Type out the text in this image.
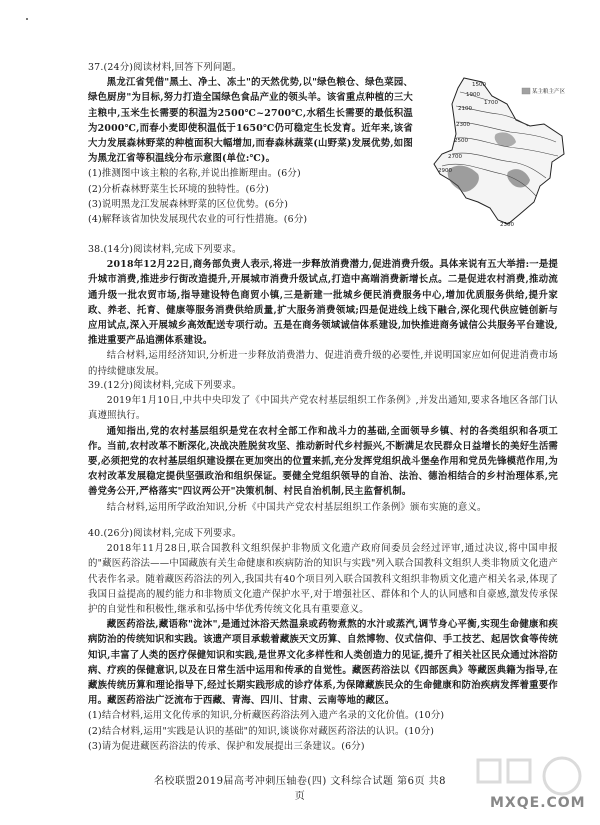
37.(24分)阅读材料,回答下列问题。

黑龙江省凭借"黑土、净土、冻土"的天然优势,以"绿色粮仓、绿色菜园、绿色厨房"为目标,努力打造全国绿色食品产业的领头羊。该省重点种植的三大主粮中,玉米生长需要的积温为2500℃~2700℃,水稻生长需要的最低积温为2000℃,而春小麦即使积温低于1650℃仍可稳定生长发育。近年来,该省大力发展森林野菜的种植面积大幅增加,而春森林蔬菜(山野菜)发展优势,如图为黑龙江省等积温线分布示意图(单位:℃)。

(1)推测图中该主粮的名称,并说出推断理由。(6分)

(2)分析森林野菜生长环境的独特性。(6分)

(3)说明黑龙江发展森林野菜的区位优势。(6分)

(4)解释该省加快发展现代农业的可行性措施。(6分)

某主粮主产区
2900
2700
2500
2300
2100
1900
1700
1500
2300

38.(14分)阅读材料,完成下列要求。

2018年12月22日,商务部负责人表示,将进一步释放消费潜力,促进消费升级。具体来说有五大举措:一是提升城市消费,推进步行街改造提升,开展城市消费升级试点,打造中高端消费新增长点。二是促进农村消费,推动流通升级一批农贸市场,指导建设特色商贸小镇,三是新建一批城乡便民消费服务中心,增加优质服务供给,提升家政、养老、托育、健康等服务消费供给质量,扩大服务消费领域;四是促进线上线下融合,深化现代供应链创新与应用试点,深入开展城乡高效配送专项行动。五是在商务领域诚信体系建设,加快推进商务诚信公共服务平台建设,推进重要产品追溯体系建设。

结合材料,运用经济知识,分析进一步释放消费潜力、促进消费升级的必要性,并说明国家应如何促进消费市场的持续健康发展。

39.(12分)阅读材料,完成下列要求。

2019年1月10日,中共中央印发了《中国共产党农村基层组织工作条例》,并发出通知,要求各地区各部门认真遵照执行。

通知指出,党的农村基层组织是党在农村全部工作和战斗力的基础,全面领导乡镇、村的各类组织和各项工作。当前,农村改革不断深化,决战决胜脱贫攻坚、推动新时代乡村振兴,不断满足农民群众日益增长的美好生活需要,必须把党的农村基层组织建设摆在更加突出的位置来抓,充分发挥党组织战斗堡垒作用和党员先锋模范作用,为农村改革发展稳定提供坚强政治和组织保证。要健全党组织领导的自治、法治、德治相结合的乡村治理体系,完善党务公开,严格落实"四议两公开"决策机制、村民自治机制,民主监督机制。

结合材料,运用所学政治知识,分析《中国共产党农村基层组织工作条例》颁布实施的意义。

40.(26分)阅读材料,完成下列要求。

2018年11月28日,联合国教科文组织保护非物质文化遗产政府间委员会经过评审,通过决议,将中国申报的"藏医药浴法——中国藏族有关生命健康和疾病防治的知识与实践"列入联合国教科文组织人类非物质文化遗产代表作名录。随着藏医药浴法的列入,我国共有40个项目列入联合国教科文组织非物质文化遗产相关名录,体现了我国日益提高的履约能力和非物质文化遗产保护水平,对于增强社区、群体和个人的认同感和自豪感,激发传承保护的自觉性和积极性,继承和弘扬中华优秀传统文化具有重要意义。

藏医药浴法,藏语称"泷沐",是通过沐浴天然温泉或药物煮熬的水汁或蒸汽,调节身心平衡,实现生命健康和疾病防治的传统知识和实践。该遗产项目承载着藏族天文历算、自然博物、仪式信仰、手工技艺、起居饮食等传统知识,丰富了人类的医疗保健知识和实践,是世界文化多样性和人类创造力的见证,提升了相关社区民众通过沐浴防病、疗疾的保健意识,以及在日常生活中运用和传承的自觉性。藏医药浴法以《四部医典》等藏医典籍为指导,在藏族传统历算和理论指导下,经过长期实践形成的诊疗体系,为保障藏族民众的生命健康和防治疾病发挥着重要作用。藏医药浴法广泛流布于西藏、青海、四川、甘肃、云南等地的藏区。

(1)结合材料,运用文化传承的知识,分析藏医药浴法列入遗产名录的文化价值。(10分)

(2)结合材料,运用"实践是认识的基础"的知识,谈谈你对藏医药浴法的认识。(10分)

(3)请为促进藏医药浴法的传承、保护和发展提出三条建议。(6分)

名校联盟2019届高考冲刺压轴卷(四) 文科综合试题 第6页 共8页	MXQE.COM
